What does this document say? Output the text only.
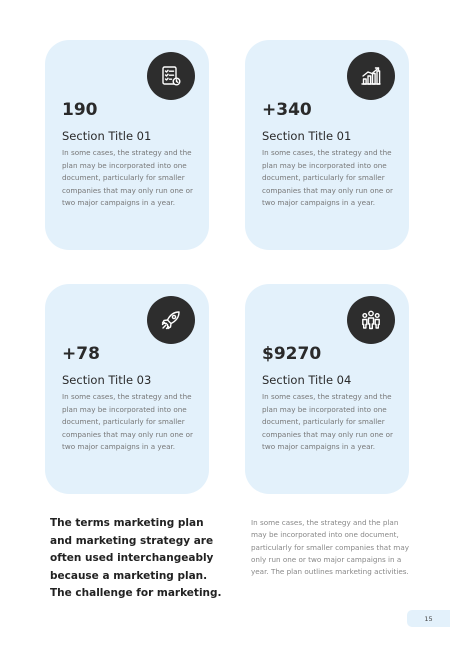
190
Section Title 01
In some cases, the strategy and the plan may be incorporated into one document, particularly for smaller companies that may only run one or two major campaigns in a year.
+340
Section Title 01
In some cases, the strategy and the plan may be incorporated into one document, particularly for smaller companies that may only run one or two major campaigns in a year.
+78
Section Title 03
In some cases, the strategy and the plan may be incorporated into one document, particularly for smaller companies that may only run one or two major campaigns in a year.
$9270
Section Title 04
In some cases, the strategy and the plan may be incorporated into one document, particularly for smaller companies that may only run one or two major campaigns in a year.
The terms marketing plan and marketing strategy are often used interchangeably because a marketing plan. The challenge for marketing.
In some cases, the strategy and the plan may be incorporated into one document, particularly for smaller companies that may only run one or two major campaigns in a year. The plan outlines marketing activities.
15
